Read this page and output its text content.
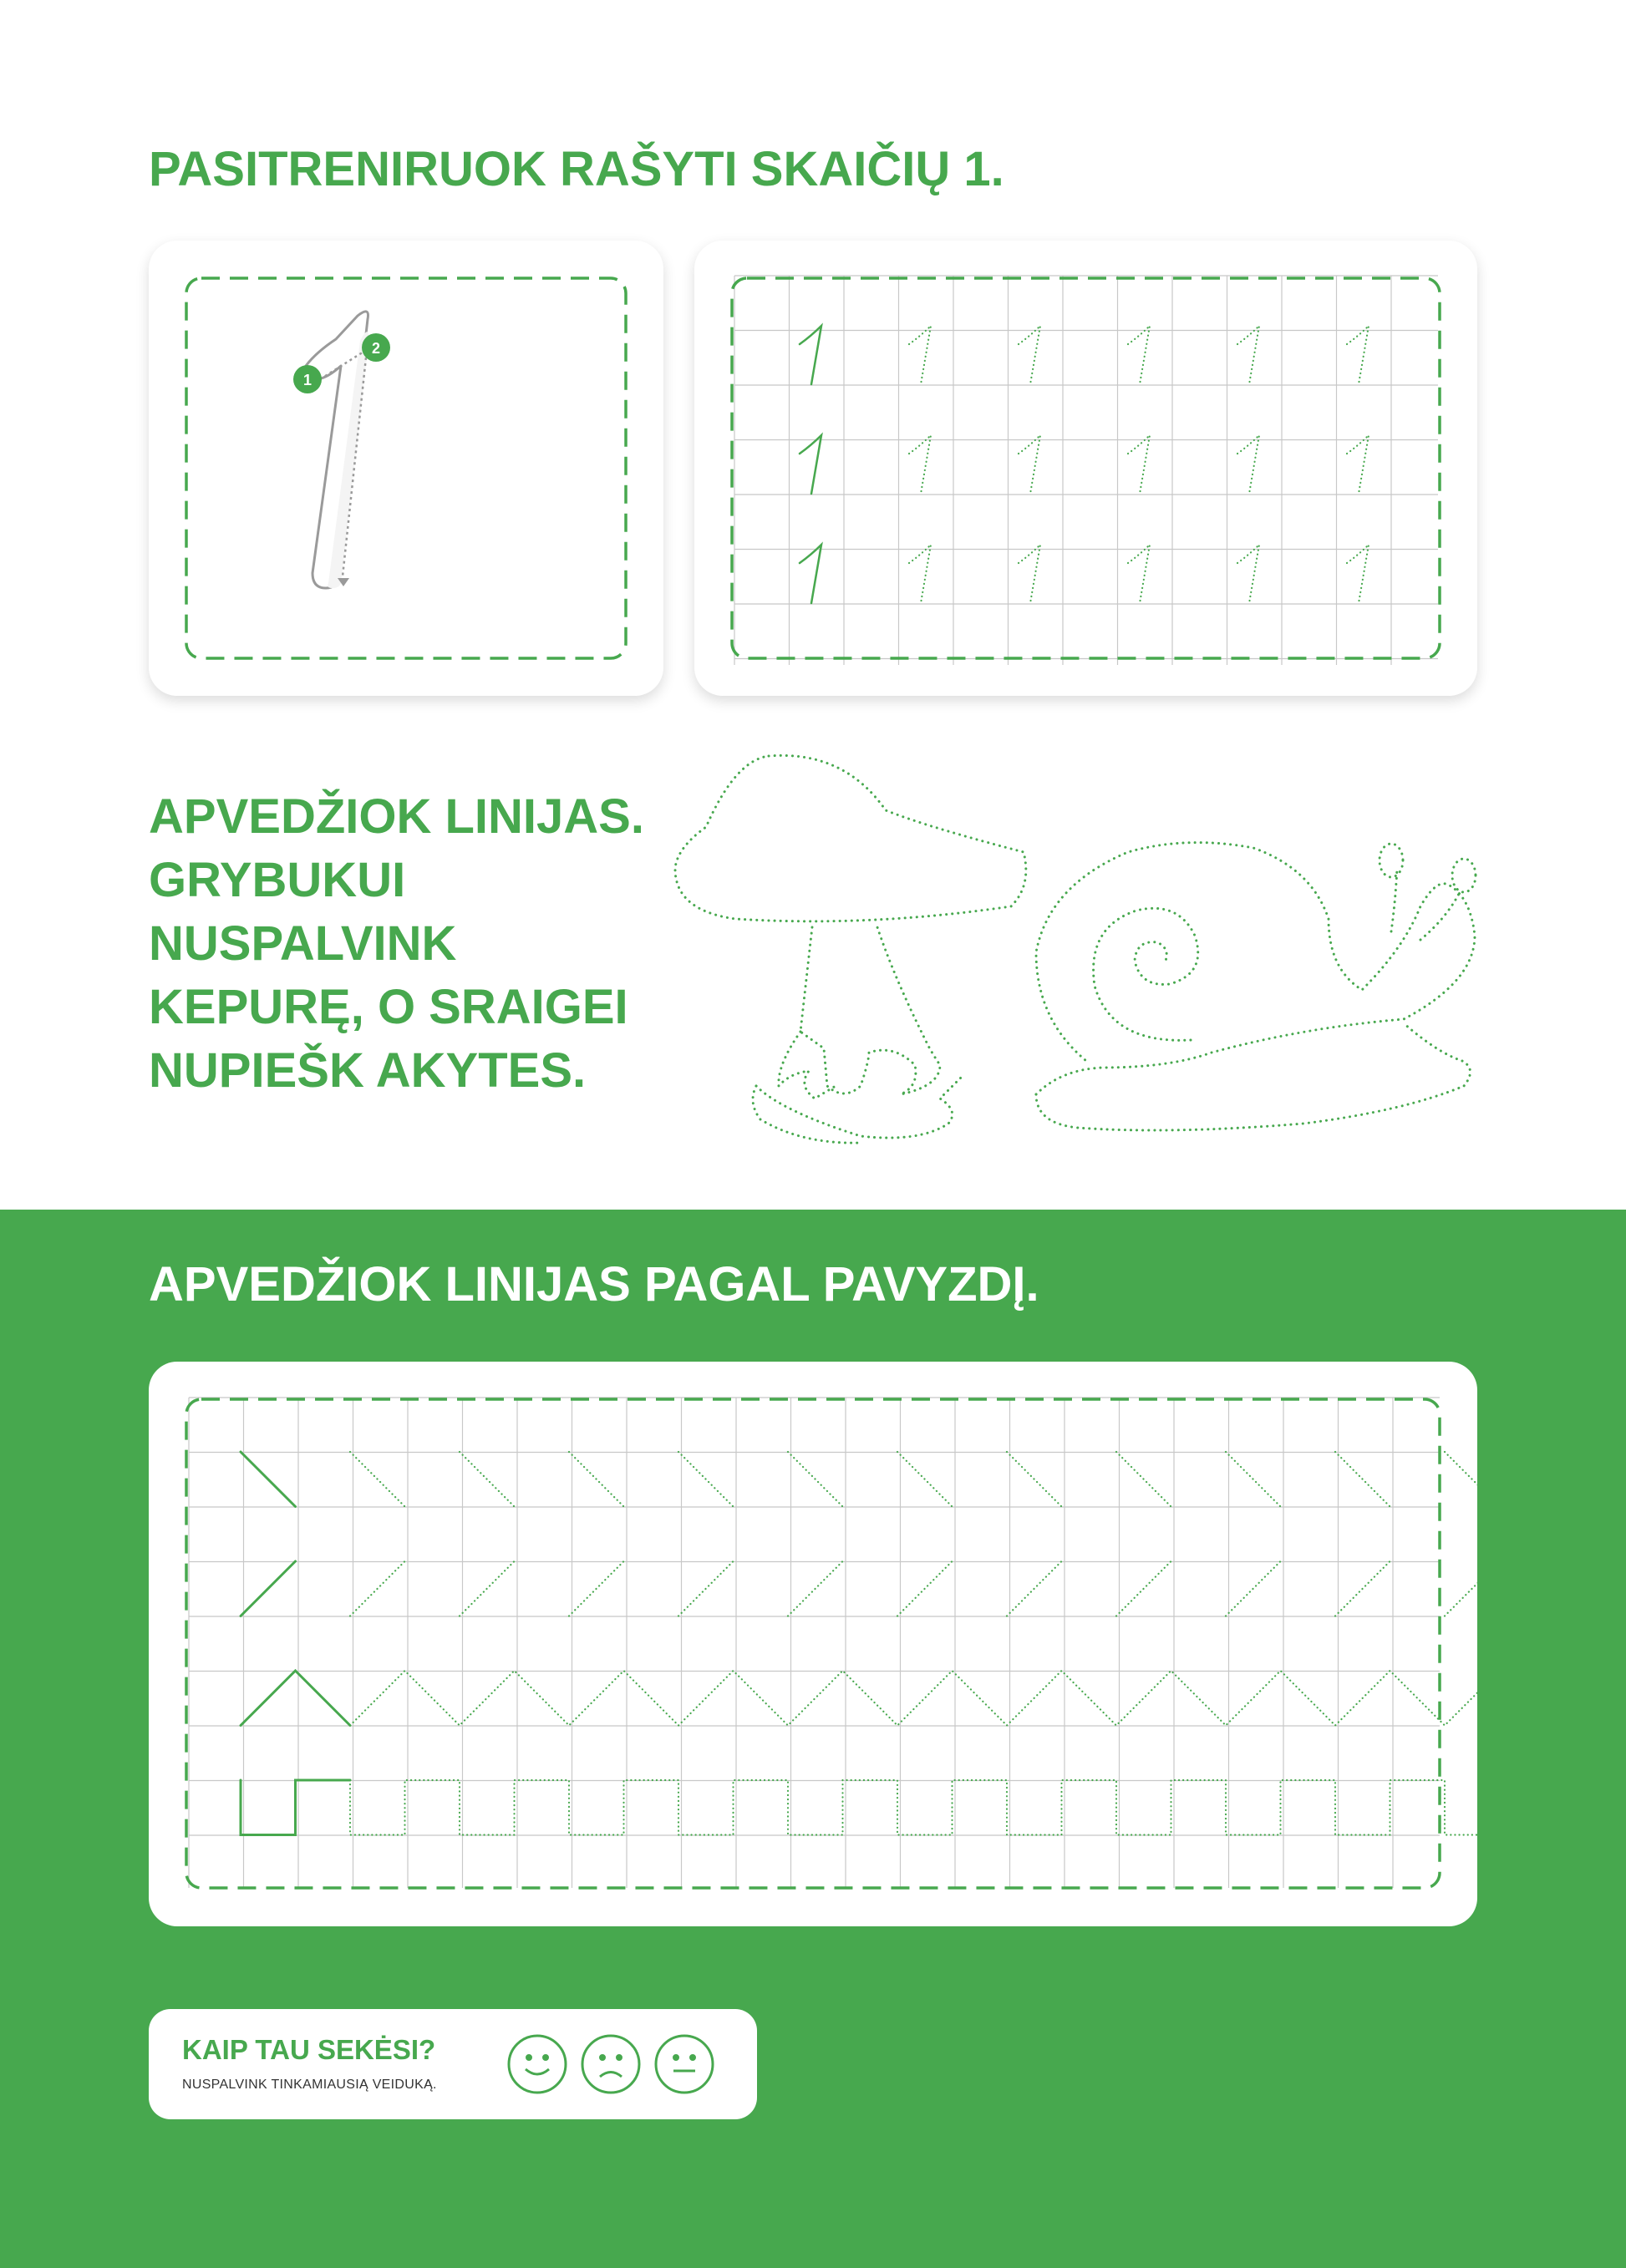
PASITRENIRUOK RAŠYTI SKAIČIŲ 1.
2
1
APVEDŽIOK LINIJAS.
GRYBUKUI
NUSPALVINK
KEPURĘ, O SRAIGEI
NUPIEŠK AKYTES.
APVEDŽIOK LINIJAS PAGAL PAVYZDĮ.
KAIP TAU SEKĖSI?
NUSPALVINK TINKAMIAUSIĄ VEIDUKĄ.
